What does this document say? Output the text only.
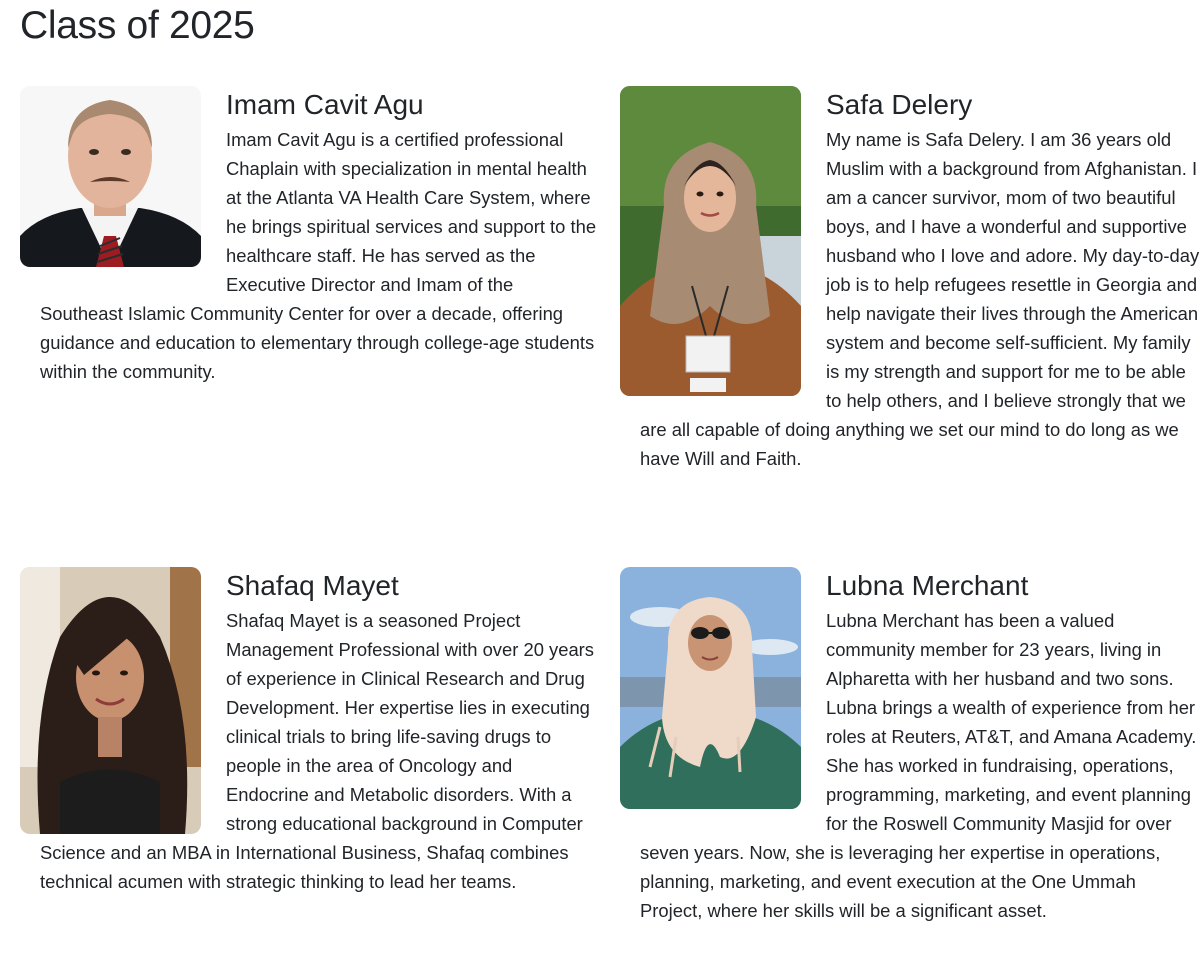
Class of 2025
Imam Cavit Agu

Imam Cavit Agu is a certified professional Chaplain with specialization in mental health at the Atlanta VA Health Care System, where he brings spiritual services and support to the healthcare staff. He has served as the Executive Director and Imam of the Southeast Islamic Community Center for over a decade, offering guidance and education to elementary through college-age students within the community.

Safa Delery

My name is Safa Delery. I am 36 years old Muslim with a background from Afghanistan. I am a cancer survivor, mom of two beautiful boys, and I have a wonderful and supportive husband who I love and adore. My day-to-day job is to help refugees resettle in Georgia and help navigate their lives through the American system and become self-sufficient. My family is my strength and support for me to be able to help others, and I believe strongly that we are all capable of doing anything we set our mind to do long as we have Will and Faith.

Shafaq Mayet

Shafaq Mayet is a seasoned Project Management Professional with over 20 years of experience in Clinical Research and Drug Development. Her expertise lies in executing clinical trials to bring life-saving drugs to people in the area of Oncology and Endocrine and Metabolic disorders. With a strong educational background in Computer Science and an MBA in International Business, Shafaq combines technical acumen with strategic thinking to lead her teams.

Lubna Merchant

Lubna Merchant has been a valued community member for 23 years, living in Alpharetta with her husband and two sons. Lubna brings a wealth of experience from her roles at Reuters, AT&T, and Amana Academy. She has worked in fundraising, operations, programming, marketing, and event planning for the Roswell Community Masjid for over seven years. Now, she is leveraging her expertise in operations, planning, marketing, and event execution at the One Ummah Project, where her skills will be a significant asset.
